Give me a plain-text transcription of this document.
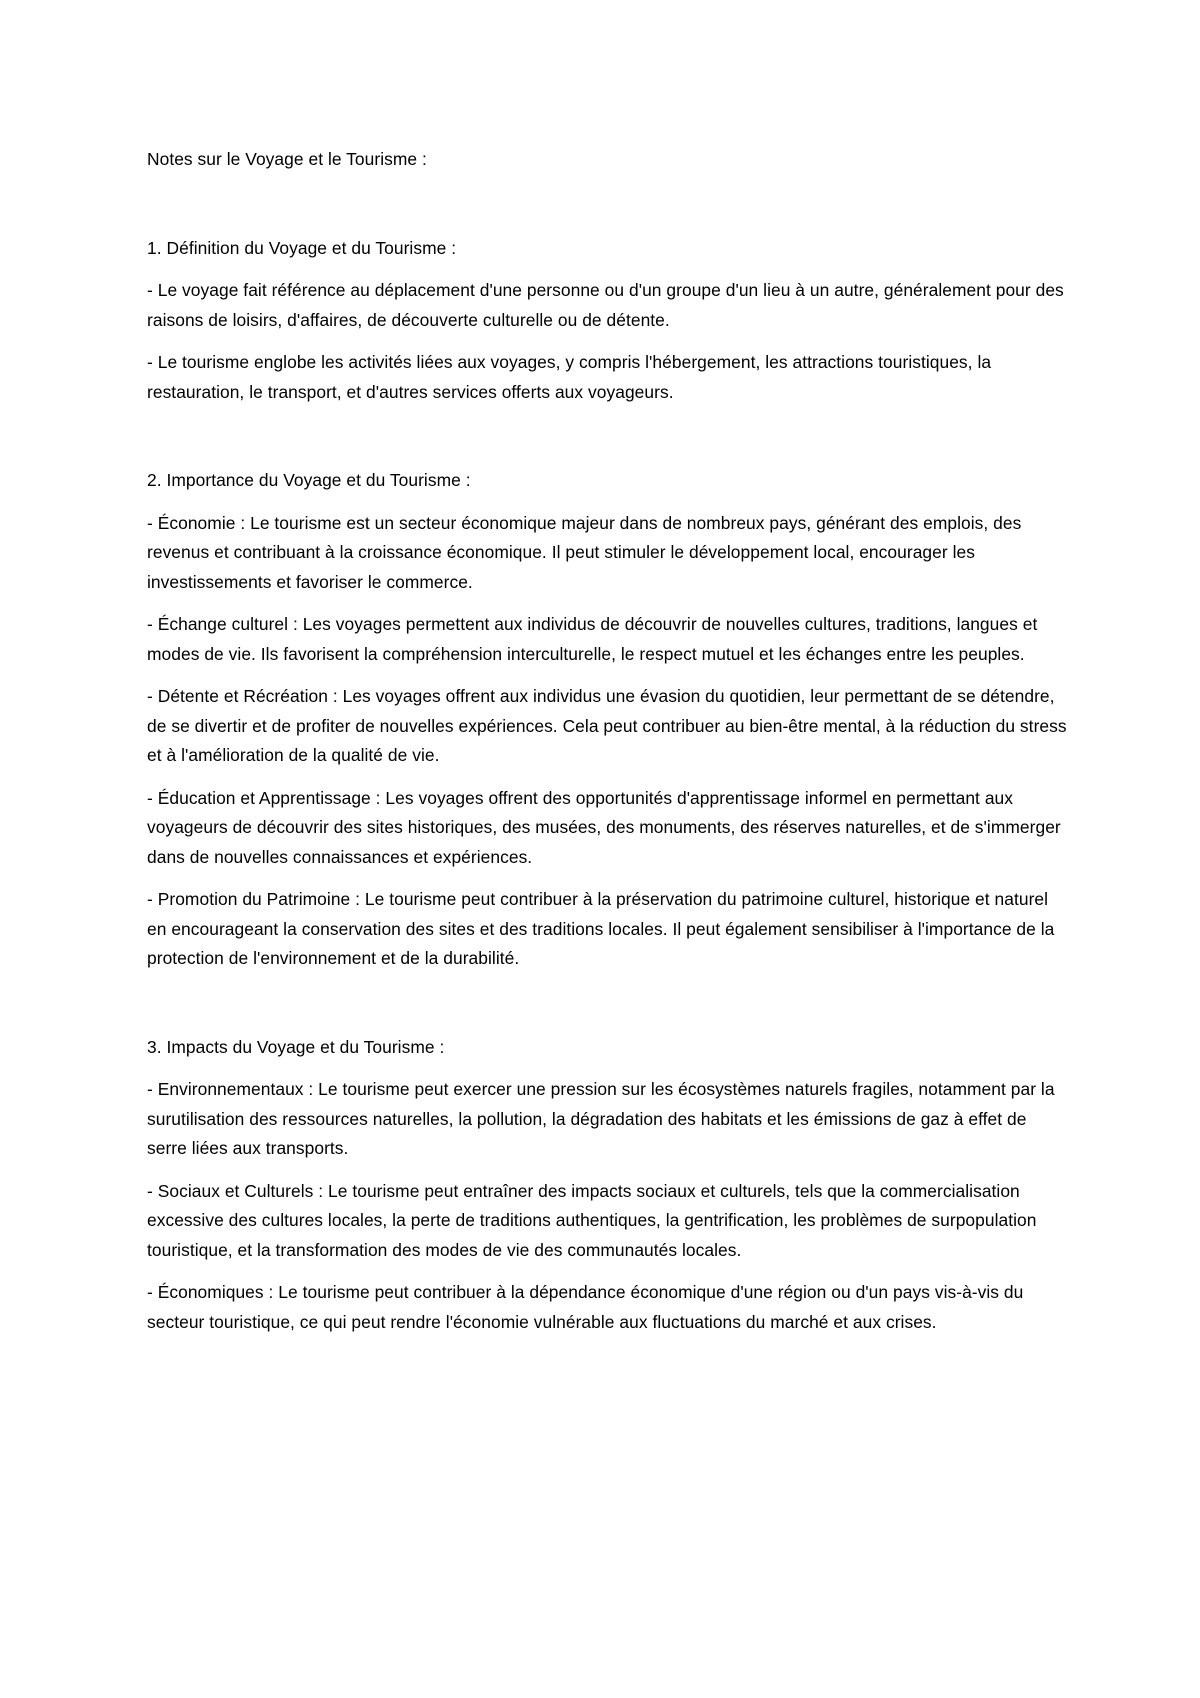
Notes sur le Voyage et le Tourisme :

1. Définition du Voyage et du Tourisme :

- Le voyage fait référence au déplacement d'une personne ou d'un groupe d'un lieu à un autre, généralement pour des raisons de loisirs, d'affaires, de découverte culturelle ou de détente.

- Le tourisme englobe les activités liées aux voyages, y compris l'hébergement, les attractions touristiques, la restauration, le transport, et d'autres services offerts aux voyageurs.

2. Importance du Voyage et du Tourisme :

- Économie : Le tourisme est un secteur économique majeur dans de nombreux pays, générant des emplois, des revenus et contribuant à la croissance économique. Il peut stimuler le développement local, encourager les investissements et favoriser le commerce.

- Échange culturel : Les voyages permettent aux individus de découvrir de nouvelles cultures, traditions, langues et modes de vie. Ils favorisent la compréhension interculturelle, le respect mutuel et les échanges entre les peuples.

- Détente et Récréation : Les voyages offrent aux individus une évasion du quotidien, leur permettant de se détendre, de se divertir et de profiter de nouvelles expériences. Cela peut contribuer au bien-être mental, à la réduction du stress et à l'amélioration de la qualité de vie.

- Éducation et Apprentissage : Les voyages offrent des opportunités d'apprentissage informel en permettant aux voyageurs de découvrir des sites historiques, des musées, des monuments, des réserves naturelles, et de s'immerger dans de nouvelles connaissances et expériences.

- Promotion du Patrimoine : Le tourisme peut contribuer à la préservation du patrimoine culturel, historique et naturel en encourageant la conservation des sites et des traditions locales. Il peut également sensibiliser à l'importance de la protection de l'environnement et de la durabilité.

3. Impacts du Voyage et du Tourisme :

- Environnementaux : Le tourisme peut exercer une pression sur les écosystèmes naturels fragiles, notamment par la surutilisation des ressources naturelles, la pollution, la dégradation des habitats et les émissions de gaz à effet de serre liées aux transports.

- Sociaux et Culturels : Le tourisme peut entraîner des impacts sociaux et culturels, tels que la commercialisation excessive des cultures locales, la perte de traditions authentiques, la gentrification, les problèmes de surpopulation touristique, et la transformation des modes de vie des communautés locales.

- Économiques : Le tourisme peut contribuer à la dépendance économique d'une région ou d'un pays vis-à-vis du secteur touristique, ce qui peut rendre l'économie vulnérable aux fluctuations du marché et aux crises.
